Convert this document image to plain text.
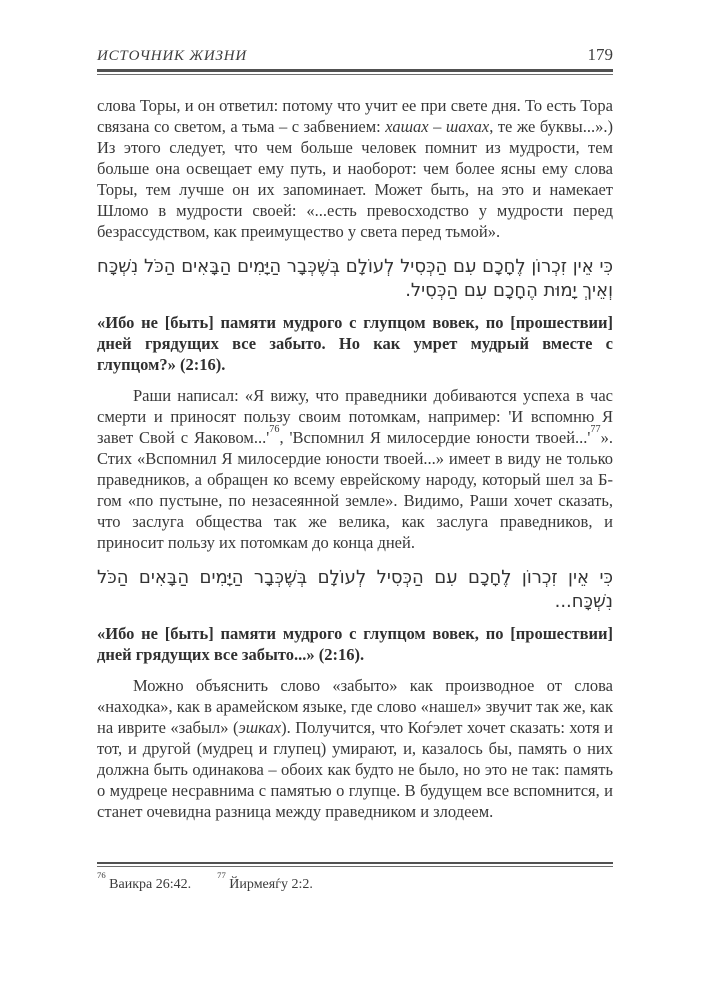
ИСТОЧНИК ЖИЗНИ	179

слова Торы, и он ответил: потому что учит ее при свете дня. То есть Тора связана со светом, а тьма – с забвением: хашах – шахах, те же буквы...».) Из этого следует, что чем больше человек помнит из мудрости, тем больше она освещает ему путь, и наоборот: чем более ясны ему слова Торы, тем лучше он их запоминает. Может быть, на это и намекает Шломо в мудрости своей: «...есть превосходство у мудрости перед безрассудством, как преимущество у света перед тьмой».

כִּי אֵין זִכְרוֹן לֶחָכָם עִם הַכְּסִיל לְעוֹלָם בְּשֶׁכְּבָר הַיָּמִים הַבָּאִים הַכֹּל נִשְׁכָּח וְאֵיךְ יָמוּת הֶחָכָם עִם הַכְּסִיל.

«Ибо не [быть] памяти мудрого с глупцом вовек, по [прошествии] дней грядущих все забыто. Но как умрет мудрый вместе с глупцом?» (2:16).

Раши написал: «Я вижу, что праведники добиваются успеха в час смерти и приносят пользу своим потомкам, например: 'И вспомню Я завет Свой с Яаковом...'$^{76}$, 'Вспомнил Я милосердие юности твоей...'$^{77}$». Стих «Вспомнил Я милосердие юности твоей...» имеет в виду не только праведников, а обращен ко всему еврейскому народу, который шел за Б-гом «по пустыне, по незасеянной земле». Видимо, Раши хочет сказать, что заслуга общества так же велика, как заслуга праведников, и приносит пользу их потомкам до конца дней.

כִּי אֵין זִכְרוֹן לֶחָכָם עִם הַכְּסִיל לְעוֹלָם בְּשֶׁכְּבָר הַיָּמִים הַבָּאִים הַכֹּל נִשְׁכָּח...

«Ибо не [быть] памяти мудрого с глупцом вовек, по [прошествии] дней грядущих все забыто...» (2:16).

Можно объяснить слово «забыто» как производное от слова «находка», как в арамейском языке, где слово «нашел» звучит так же, как на иврите «забыл» (эшках). Получится, что Коѓэлет хочет сказать: хотя и тот, и другой (мудрец и глупец) умирают, и, казалось бы, память о них должна быть одинакова – обоих как будто не было, но это не так: память о мудреце несравнима с памятью о глупце. В будущем все вспомнится, и станет очевидна разница между праведником и злодеем.

$^{76}$ Ваикра 26:42.77 Йирмеяѓу 2:2.
